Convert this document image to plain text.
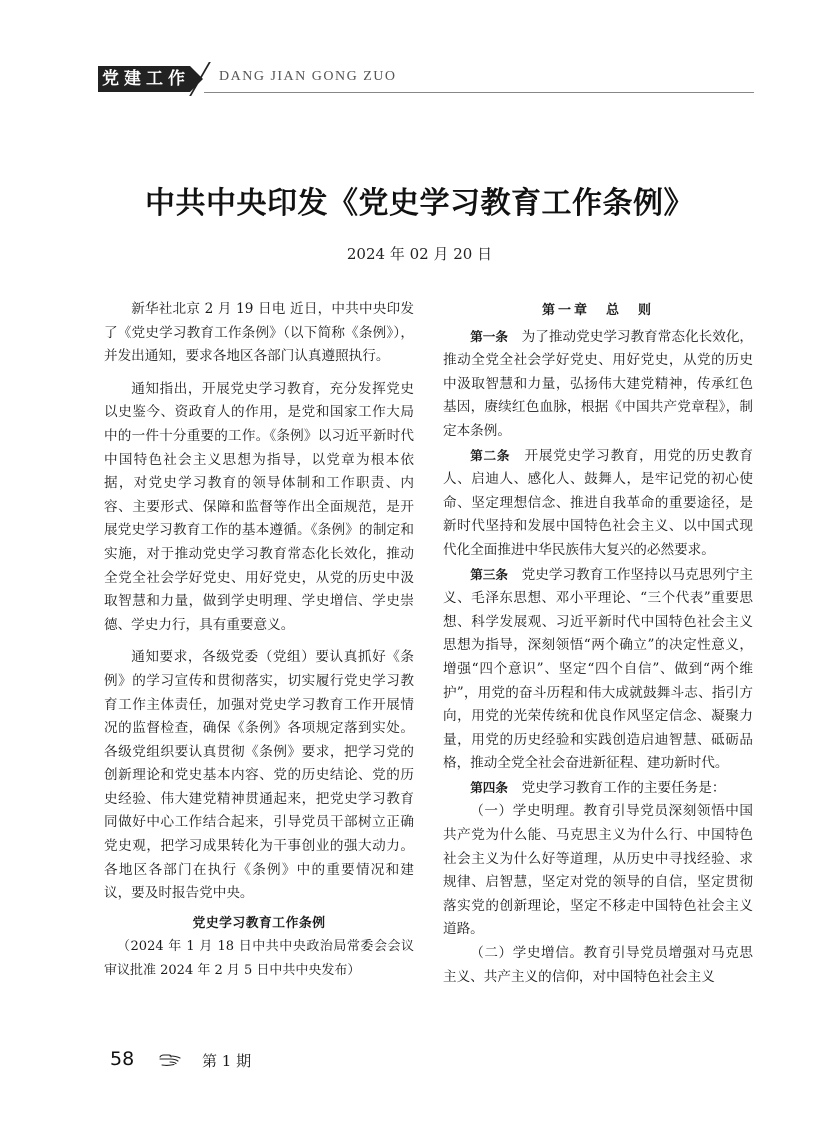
党建工作 DANG JIAN GONG ZUO
中共中央印发《党史学习教育工作条例》
2024 年 02 月 20 日

新华社北京 2 月 19 日电 近日，中共中央印发了《党史学习教育工作条例》（以下简称《条例》），并发出通知，要求各地区各部门认真遵照执行。

通知指出，开展党史学习教育，充分发挥党史以史鉴今、资政育人的作用，是党和国家工作大局中的一件十分重要的工作。《条例》以习近平新时代中国特色社会主义思想为指导，以党章为根本依据，对党史学习教育的领导体制和工作职责、内容、主要形式、保障和监督等作出全面规范，是开展党史学习教育工作的基本遵循。《条例》的制定和实施，对于推动党史学习教育常态化长效化，推动全党全社会学好党史、用好党史，从党的历史中汲取智慧和力量，做到学史明理、学史增信、学史崇德、学史力行，具有重要意义。

通知要求，各级党委（党组）要认真抓好《条例》的学习宣传和贯彻落实，切实履行党史学习教育工作主体责任，加强对党史学习教育工作开展情况的监督检查，确保《条例》各项规定落到实处。各级党组织要认真贯彻《条例》要求，把学习党的创新理论和党史基本内容、党的历史结论、党的历史经验、伟大建党精神贯通起来，把党史学习教育同做好中心工作结合起来，引导党员干部树立正确党史观，把学习成果转化为干事创业的强大动力。各地区各部门在执行《条例》中的重要情况和建议，要及时报告党中央。

党史学习教育工作条例

（2024 年 1 月 18 日中共中央政治局常委会会议审议批准 2024 年 2 月 5 日中共中央发布）

第一章　总　则

第一条　 为了推动党史学习教育常态化长效化，推动全党全社会学好党史、用好党史，从党的历史中汲取智慧和力量，弘扬伟大建党精神，传承红色基因，赓续红色血脉，根据《中国共产党章程》，制定本条例。

第二条　 开展党史学习教育，用党的历史教育人、启迪人、感化人、鼓舞人，是牢记党的初心使命、坚定理想信念、推进自我革命的重要途径，是新时代坚持和发展中国特色社会主义、以中国式现代化全面推进中华民族伟大复兴的必然要求。

第三条　 党史学习教育工作坚持以马克思列宁主义、毛泽东思想、邓小平理论、“三个代表”重要思想、科学发展观、习近平新时代中国特色社会主义思想为指导，深刻领悟“两个确立”的决定性意义，增强“四个意识”、坚定“四个自信”、做到“两个维护”，用党的奋斗历程和伟大成就鼓舞斗志、指引方向，用党的光荣传统和优良作风坚定信念、凝聚力量，用党的历史经验和实践创造启迪智慧、砥砺品格，推动全党全社会奋进新征程、建功新时代。

第四条　 党史学习教育工作的主要任务是：

（一）学史明理。教育引导党员深刻领悟中国共产党为什么能、马克思主义为什么行、中国特色社会主义为什么好等道理，从历史中寻找经验、求规律、启智慧，坚定对党的领导的自信，坚定贯彻落实党的创新理论，坚定不移走中国特色社会主义道路。

（二）学史增信。教育引导党员增强对马克思主义、共产主义的信仰，对中国特色社会主义

58	第 1 期
